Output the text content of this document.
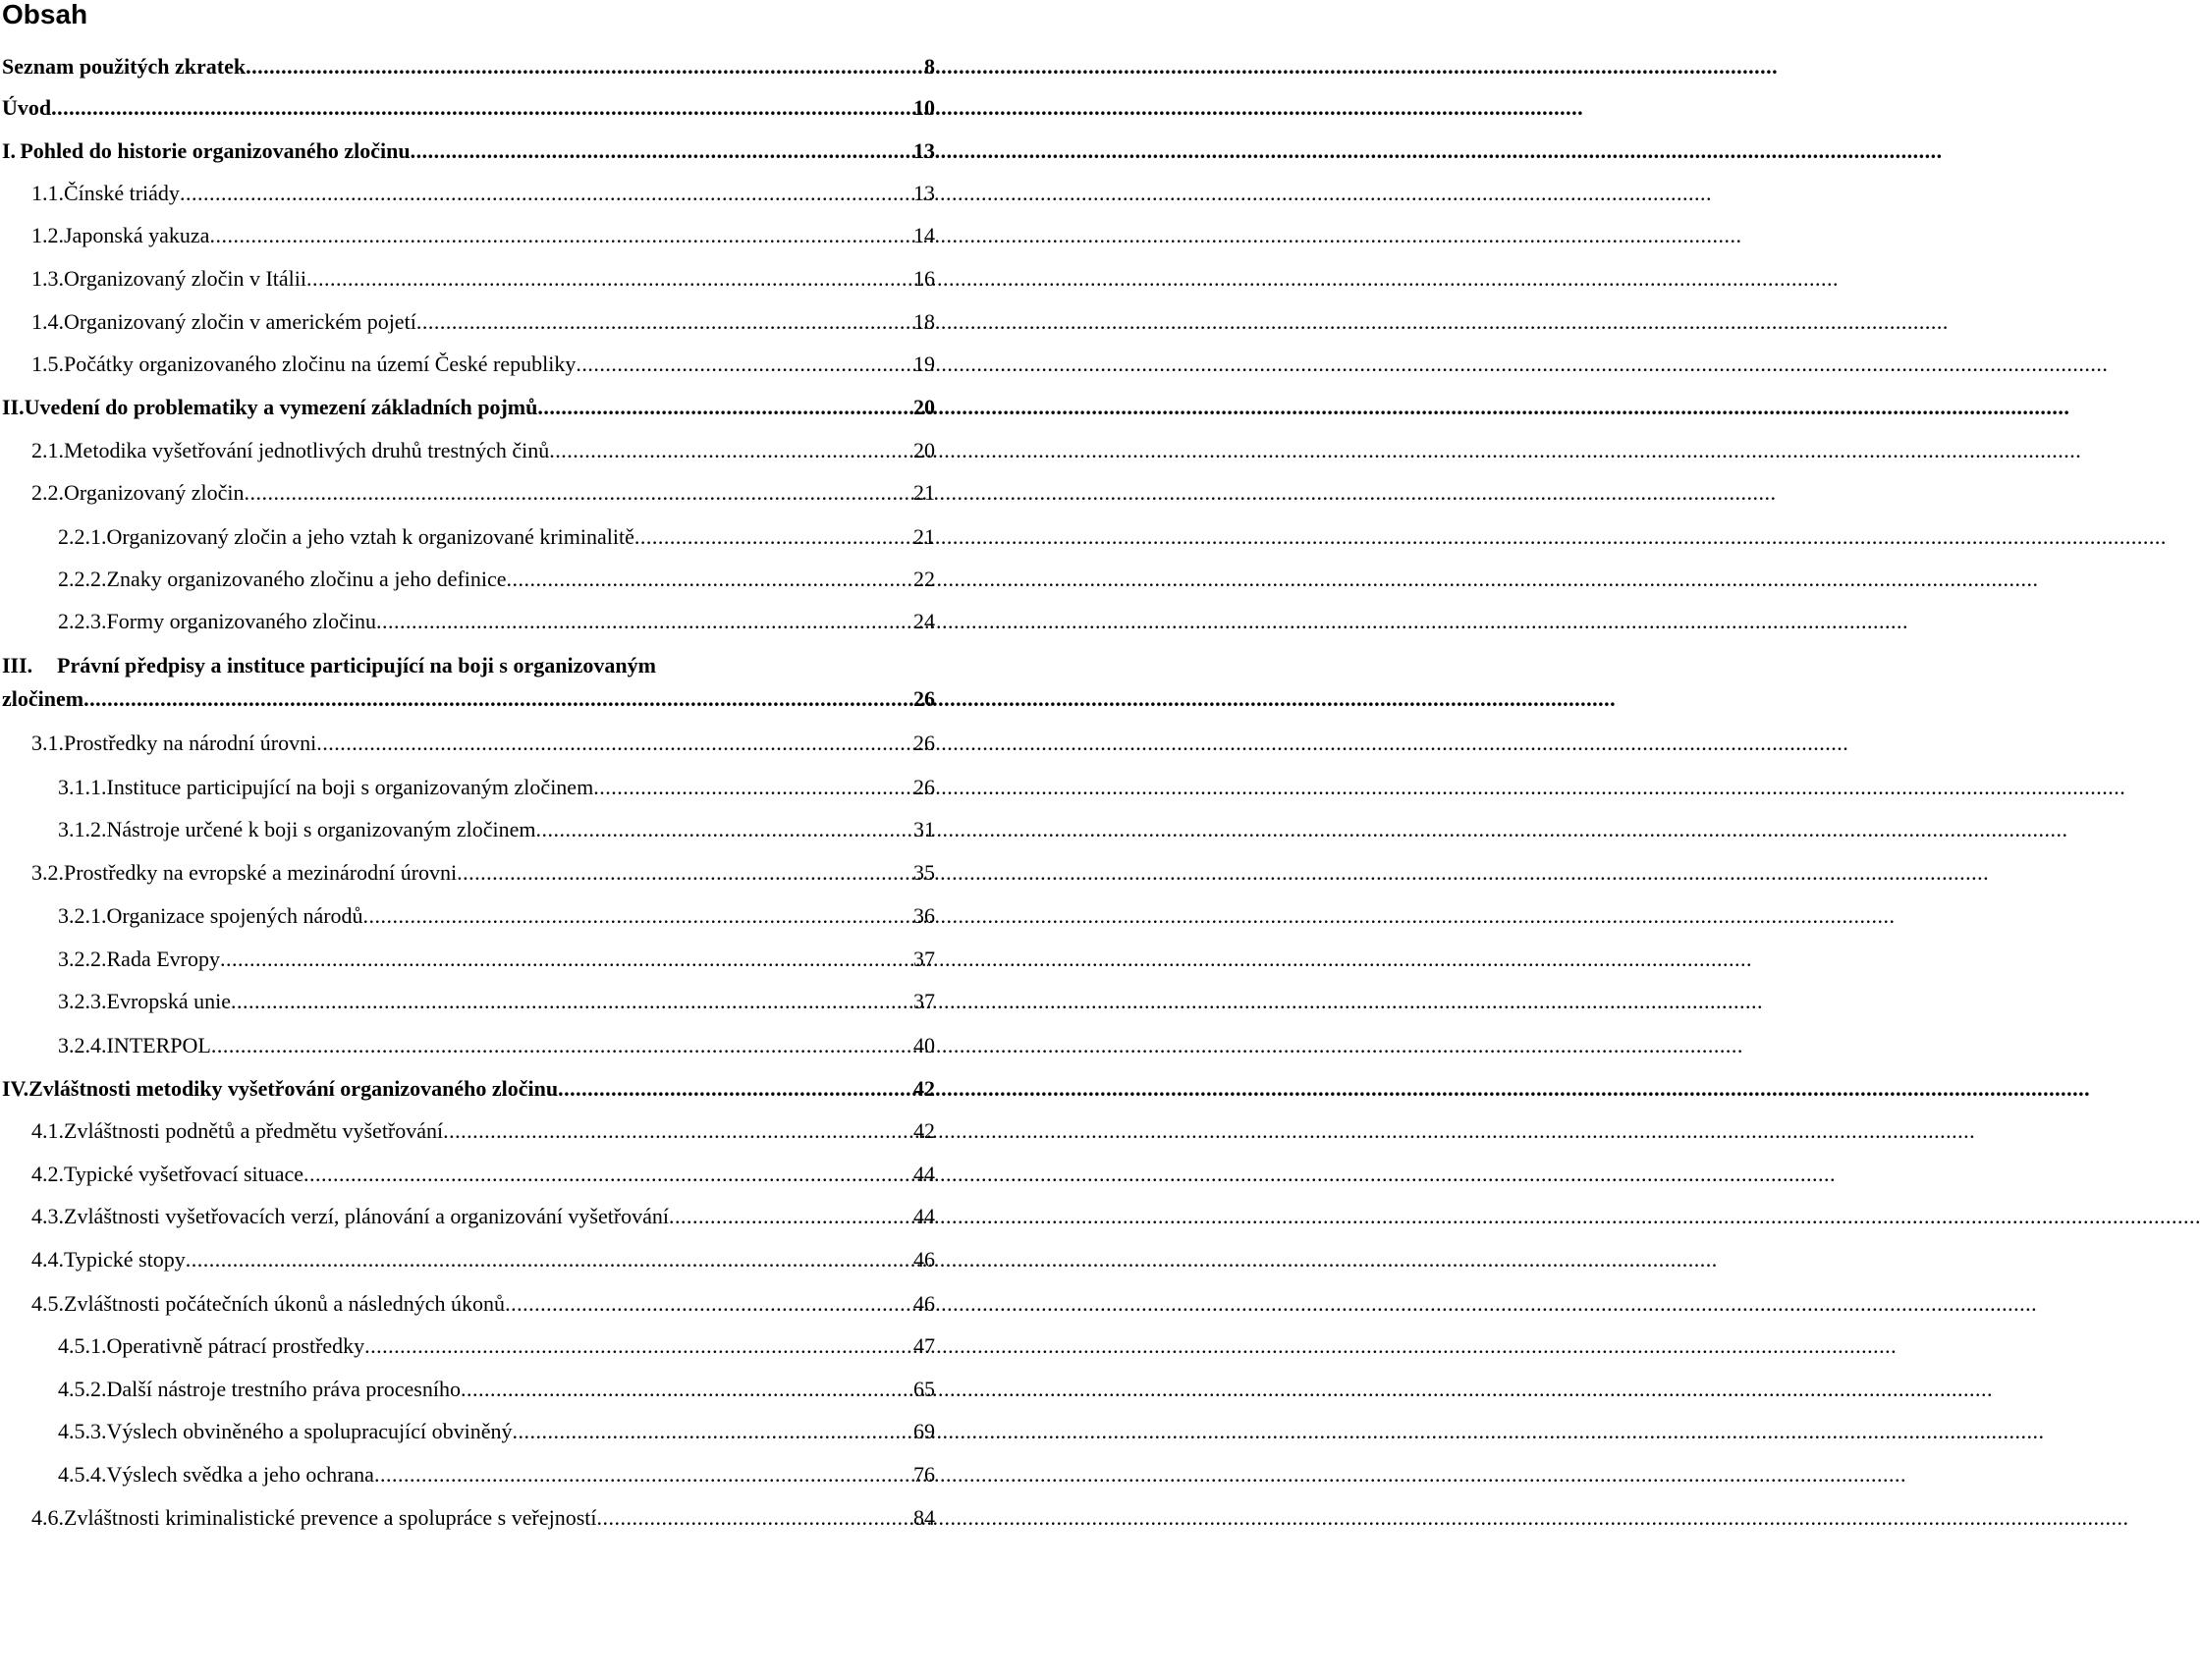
Obsah
Seznam použitých zkratek .....	8
Úvod .....	10
I. Pohled do historie organizovaného zločinu .....	13
1.1. Čínské triády .....	13
1.2. Japonská yakuza .....	14
1.3. Organizovaný zločin v Itálii .....	16
1.4. Organizovaný zločin v americkém pojetí .....	18
1.5. Počátky organizovaného zločinu na území České republiky .....	19
II. Uvedení do problematiky a vymezení základních pojmů .....	20
2.1. Metodika vyšetřování jednotlivých druhů trestných činů .....	20
2.2. Organizovaný zločin .....	21
2.2.1. Organizovaný zločin a jeho vztah k organizované kriminalitě .....	21
2.2.2. Znaky organizovaného zločinu a jeho definice .....	22
2.2.3. Formy organizovaného zločinu .....	24
III.	Právní předpisy a instituce participující na boji s organizovaným
zločinem .....	26
3.1. Prostředky na národní úrovni .....	26
3.1.1. Instituce participující na boji s organizovaným zločinem .....	26
3.1.2. Nástroje určené k boji s organizovaným zločinem .....	31
3.2. Prostředky na evropské a mezinárodní úrovni .....	35
3.2.1. Organizace spojených národů .....	36
3.2.2. Rada Evropy .....	37
3.2.3. Evropská unie .....	37
3.2.4. INTERPOL .....	40
IV. Zvláštnosti metodiky vyšetřování organizovaného zločinu .....	42
4.1. Zvláštnosti podnětů a předmětu vyšetřování .....	42
4.2. Typické vyšetřovací situace .....	44
4.3. Zvláštnosti vyšetřovacích verzí, plánování a organizování vyšetřování .....	44
4.4. Typické stopy .....	46
4.5. Zvláštnosti počátečních úkonů a následných úkonů .....	46
4.5.1. Operativně pátrací prostředky .....	47
4.5.2. Další nástroje trestního práva procesního .....	65
4.5.3. Výslech obviněného a spolupracující obviněný .....	69
4.5.4. Výslech svědka a jeho ochrana .....	76
4.6. Zvláštnosti kriminalistické prevence a spolupráce s veřejností .....	84
